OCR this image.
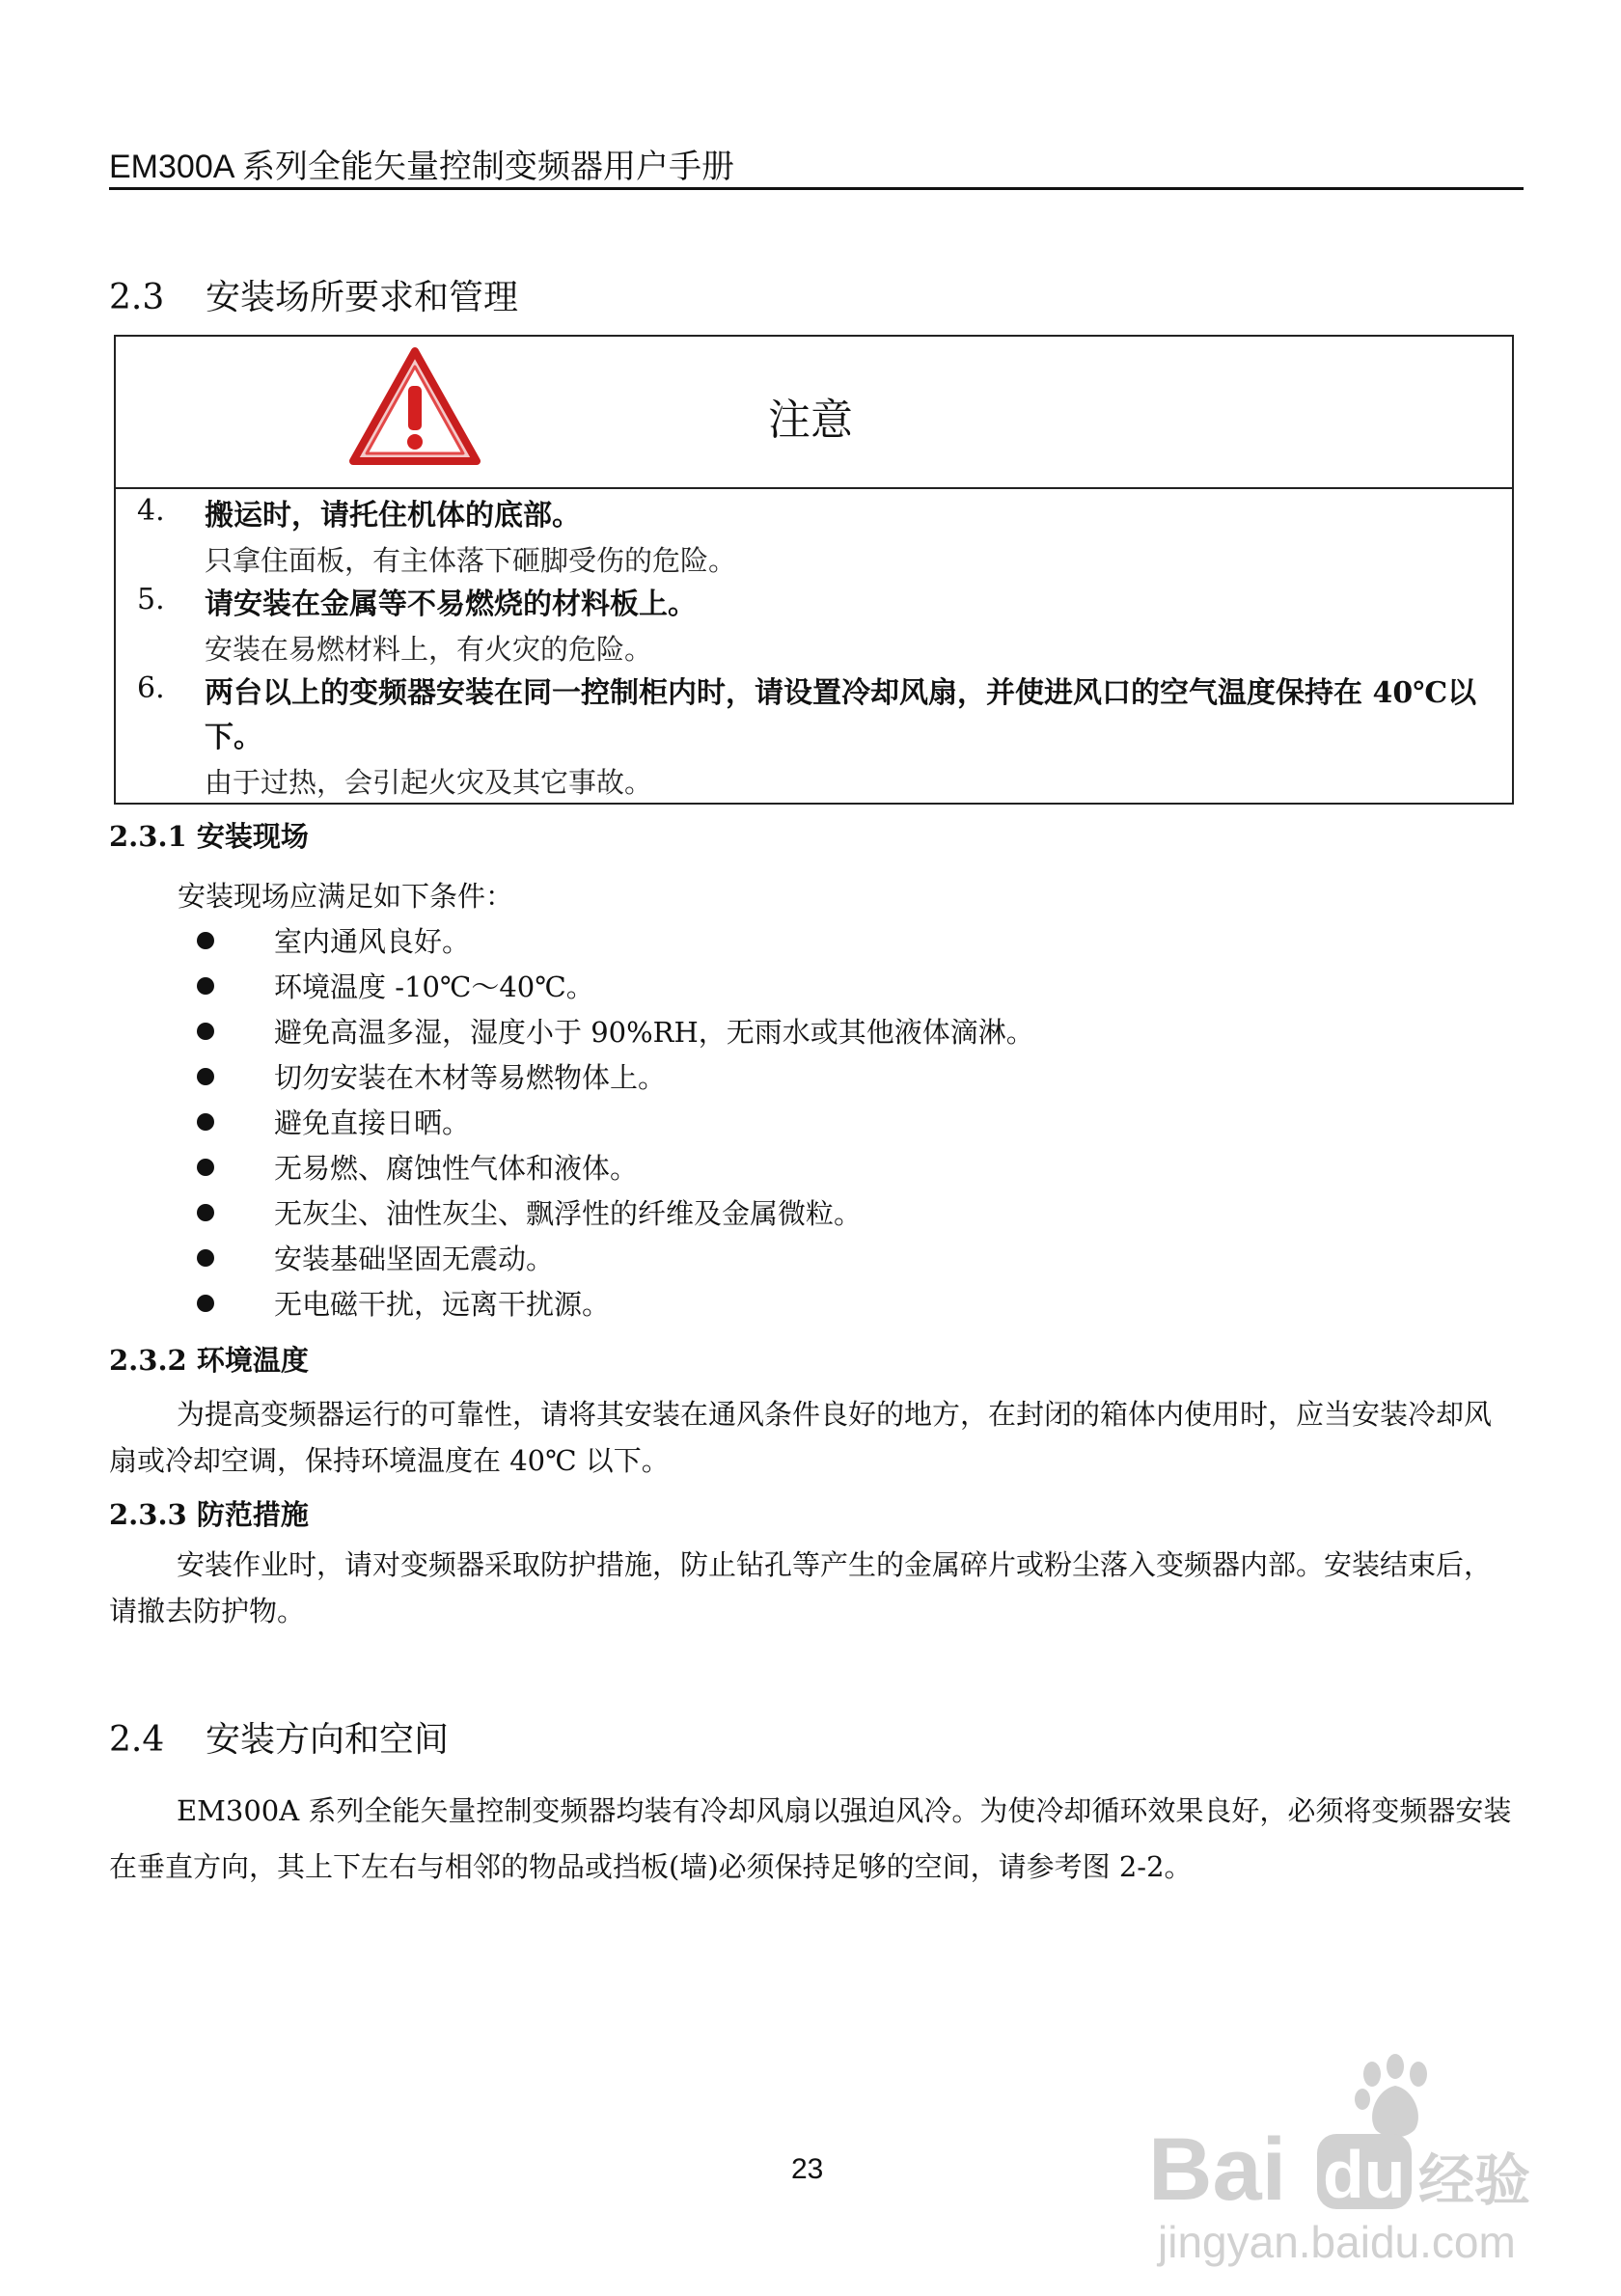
EM300A 系列全能矢量控制变频器用户手册
2.3 安装场所要求和管理
注意
4. 搬运时，请托住机体的底部。
只拿住面板，有主体落下砸脚受伤的危险。
5. 请安装在金属等不易燃烧的材料板上。
安装在易燃材料上，有火灾的危险。
6. 两台以上的变频器安装在同一控制柜内时，请设置冷却风扇，并使进风口的空气温度保持在 40℃以下。
由于过热，会引起火灾及其它事故。
2.3.1 安装现场
安装现场应满足如下条件：
室内通风良好。
环境温度 -10℃～40℃。
避免高温多湿，湿度小于 90%RH，无雨水或其他液体滴淋。
切勿安装在木材等易燃物体上。
避免直接日晒。
无易燃、腐蚀性气体和液体。
无灰尘、油性灰尘、飘浮性的纤维及金属微粒。
安装基础坚固无震动。
无电磁干扰，远离干扰源。
2.3.2 环境温度
为提高变频器运行的可靠性，请将其安装在通风条件良好的地方，在封闭的箱体内使用时，应当安装冷却风扇或冷却空调，保持环境温度在 40℃ 以下。
2.3.3 防范措施
安装作业时，请对变频器采取防护措施，防止钻孔等产生的金属碎片或粉尘落入变频器内部。安装结束后，请撤去防护物。
2.4 安装方向和空间
EM300A 系列全能矢量控制变频器均装有冷却风扇以强迫风冷。为使冷却循环效果良好，必须将变频器安装在垂直方向，其上下左右与相邻的物品或挡板(墙)必须保持足够的空间，请参考图 2-2。
23	Bai du 经验
jingyan.baidu.com
